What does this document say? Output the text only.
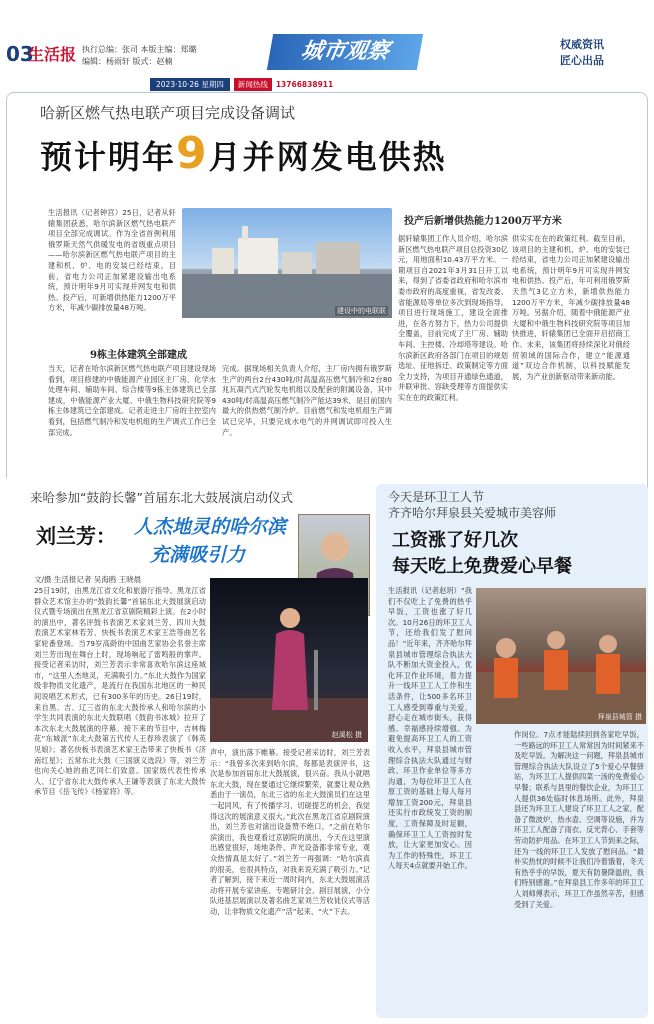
03
生活报 执行总编：张司 本版主编：郑璐
编辑：杨雨轩 版式：赵楠	城市观察	权威资讯
匠心出品
2023·10·26 星期四 新闻热线 13766838911
哈新区燃气热电联产项目完成设备调试
预计明年9月并网发电供热
生活报讯（记者钟宫）25日，记者从轩辕集团获悉，哈尔滨新区燃气热电联产项目全部完成调试。作为全省首例利用俄罗斯天然气供暖发电的省级重点项目——哈尔滨新区燃气热电联产项目的主建和机、炉、电的安装已经结束。目前，省电力公司正加紧建设输出电系统，预计明年9月可实现并网发电和供热。投产后，可新增供热能力1200万平方米，年减少碳排放量48万吨。	建设中的电联联
投产后新增供热能力1200万平方米
据轩辕集团工作人员介绍，哈尔滨新区燃气热电联产项目总投资30亿元，用地面积10.43万平方米。一期项目自2021年3月31日开工以来，得到了省委省政府和哈尔滨市委市政府的高度重视，省发改委、省能源局等单位多次到现场指导。项目进行现场施工，建设全面推进，在各方努力下，热力公司提供全覆盖，目前完成了主厂房、辅助车间、主控楼、冷却塔等建设。哈尔滨新区政府各部门在项目的规划选址、征地拆迁、政策制定等方面全力支持，为项目开通绿色通道，并联审批、容缺受理等方面提供实实在在的政策红利。
供实实在在的政策红利。截至目前，该项目的主建和机、炉、电的安装已经结束，省电力公司正加紧建设输出电系统，预计明年9月可实现并网发电和供热。投产后，年可利用俄罗斯天然气3亿立方米，新增供热能力1200万平方米，年减少碳排放量48万吨。另据介绍，随着中俄能源产业大厦和中俄生物科技研究院等项目加快推进，轩辕集团已全面开启招商工作。未来，该集团将持续深化对俄经贸领域的国际合作，建立“能源通道”双边合作机制，以科技赋能发展，为产业创新驱动带来新动能。
9栋主体建筑全部建成
当天，记者在哈尔滨新区燃气热电联产项目建设现场看到，项目修建的中俄能源产业园区主厂房、化学水处理车间、辅助车间、综合楼等9栋主体建筑已全部建成，中俄能源产业大厦、中俄生物科技研究院等9栋主体建筑已全部建成。记者走进主厂房的主控室内看到，包括燃气制冷和发电机组的生产调式工作已全部完成。
完成。据现场相关负责人介绍，主厂房内拥有俄罗斯生产的两台2台430吨/时高温高压燃气制冷和2台80兆瓦凝汽式汽轮发电机组以及配套的附属设备，其中430吨/时高温高压燃气制冷产能达39米，是目前国内最大的供热燃气制冷炉。目前燃气和发电机组生产调试已完毕，只要完成水电气的并网调试即可投入生产。
来哈参加“鼓韵长馨”首届东北大鼓展演启动仪式
刘兰芳： 人杰地灵的哈尔滨
充满吸引力
文/摄 生活报记者 吴海鸥 王晓晨
25日19时，由黑龙江省文化和旅游厅指导、黑龙江省群众艺术馆主办的“鼓韵长馨”首届东北大鼓展演启动仪式暨专场演出在黑龙江省京剧院精彩上演。在2小时的演出中，著名评鼓书表演艺术家刘兰芳、四川大鼓表演艺术家林若芳、快板书表演艺术家王浩等曲艺名家轮番登场。当79岁高龄的中国曲艺家协会名誉主席刘兰芳出现在舞台上时，现场响起了雷鸣般的掌声。接受记者采访时，刘兰芳表示非常喜欢哈尔滨这座城市，“这里人杰地灵，充满吸引力。”东北大鼓作为国家级非物质文化遗产，是流行在我国东北地区的一种民间说唱艺术形式，已有300多年的历史。26日19时，来自黑、吉、辽三省的东北大鼓传承人和哈尔滨的小学生共同表演的东北大鼓联唱《鼓韵书冰城》拉开了本次东北大鼓展演的序幕。接下来的节目中，吉林梅花“东城派”东北大鼓第五代传人王春珍表演了《韩英见娘》；著名快板书表演艺术家王浩带来了快板书《济南红星》；五常东北大鼓《三国演义选段》等，刘兰芳也向关心她的曲艺同仁们致意。国家级代表性传承人、辽宁省东北大鼓传承人王谦等表演了东北大鼓传承节目《岳飞传》《杨家将》等。
赵溪松 摄
声中，演出落下帷幕。接受记者采访时，刘兰芳表示：“我曾多次来到哈尔滨，每都是表演评书，这次是参加首届东北大鼓展演，很兴奋。我从小就唱东北大鼓，现在要通过它继续繁荣，就要让观众熟悉由于一演员，东北三省的东北大鼓演员们在这里一起同风，有了传播学习、切磋提艺的机会，我觉得这次的展演意义很大。”此次在黑龙江省京剧院演出，刘兰芳也对演出设备赞不绝口。“之前在哈尔滨演出，我也观看过京剧院的演出，今天在这里演出感觉很好，场地条件、声光设备都非常专业，观众热情真是太好了。”刘兰芳一再强调：“哈尔滨真的很美，也很具特点，对我来说充满了吸引力。”记者了解到，接下来近一周时间内，东北大鼓展演活动将开展专家讲座、专题研讨会、剧目展演，小分队进基层展演以及著名曲艺家刘兰芳收徒仪式等活动，让非物质文化遗产“活”起来、“火”下去。
今天是环卫工人节
齐齐哈尔拜泉县关爱城市美容师
工资涨了好几次
每天吃上免费爱心早餐
生活报讯（记者赵玥）“我们不仅吃上了免费的热乎早饭，工资也涨了好几次。10月26日的环卫工人节，还给我们发了慰问品！”近年来，齐齐哈尔拜泉县城市管理综合执法大队不断加大资金投入，优化环卫作业环境，着力提升一线环卫工人工作和生活条件，让500多名环卫工人感受到尊重与关爱，舒心走在城市街头，获得感、幸福感持续增强。为避免提高环卫工人的工资收入水平，拜泉县城市管理综合执法大队通过与财政、环卫作业单位等多方沟通，为每位环卫工人在原工资的基础上每人每月增加工资200元，拜泉县还实行市政统发工资的制度，工资保障及时足额，确保环卫工人工资按时发放，让大家更加安心。因为工作的特殊性，环卫工人每天4点就要开始工作。
拜泉县城管 摄
作岗位。7点才能陆续回到各家吃早饭，一些路远的环卫工人常常因为时间紧来不及吃早饭。为解决这一问题，拜泉县城市管理综合执法大队设立了5个爱心早餐驿站，为环卫工人提供四菜一汤的免费爱心早餐；联系与县里的餐饮企业，为环卫工人提供36处临时休息场所。此外，拜泉县还为环卫工人建设了环卫工人之家，配备了微波炉、热水壶、空调等设施，并为环卫工人配备了雨衣、反光背心、手套等劳动防护用品。在环卫工人节到来之际，还为一线的环卫工人发放了慰问品。“最朴实热忱的时候不让我们冷着饿着，冬天有热乎乎的早饭，夏天有防暑降温的，我们特别感谢。”在拜泉县工作多年的环卫工人刘师傅表示，环卫工作虽然辛苦，但感受到了关爱。
